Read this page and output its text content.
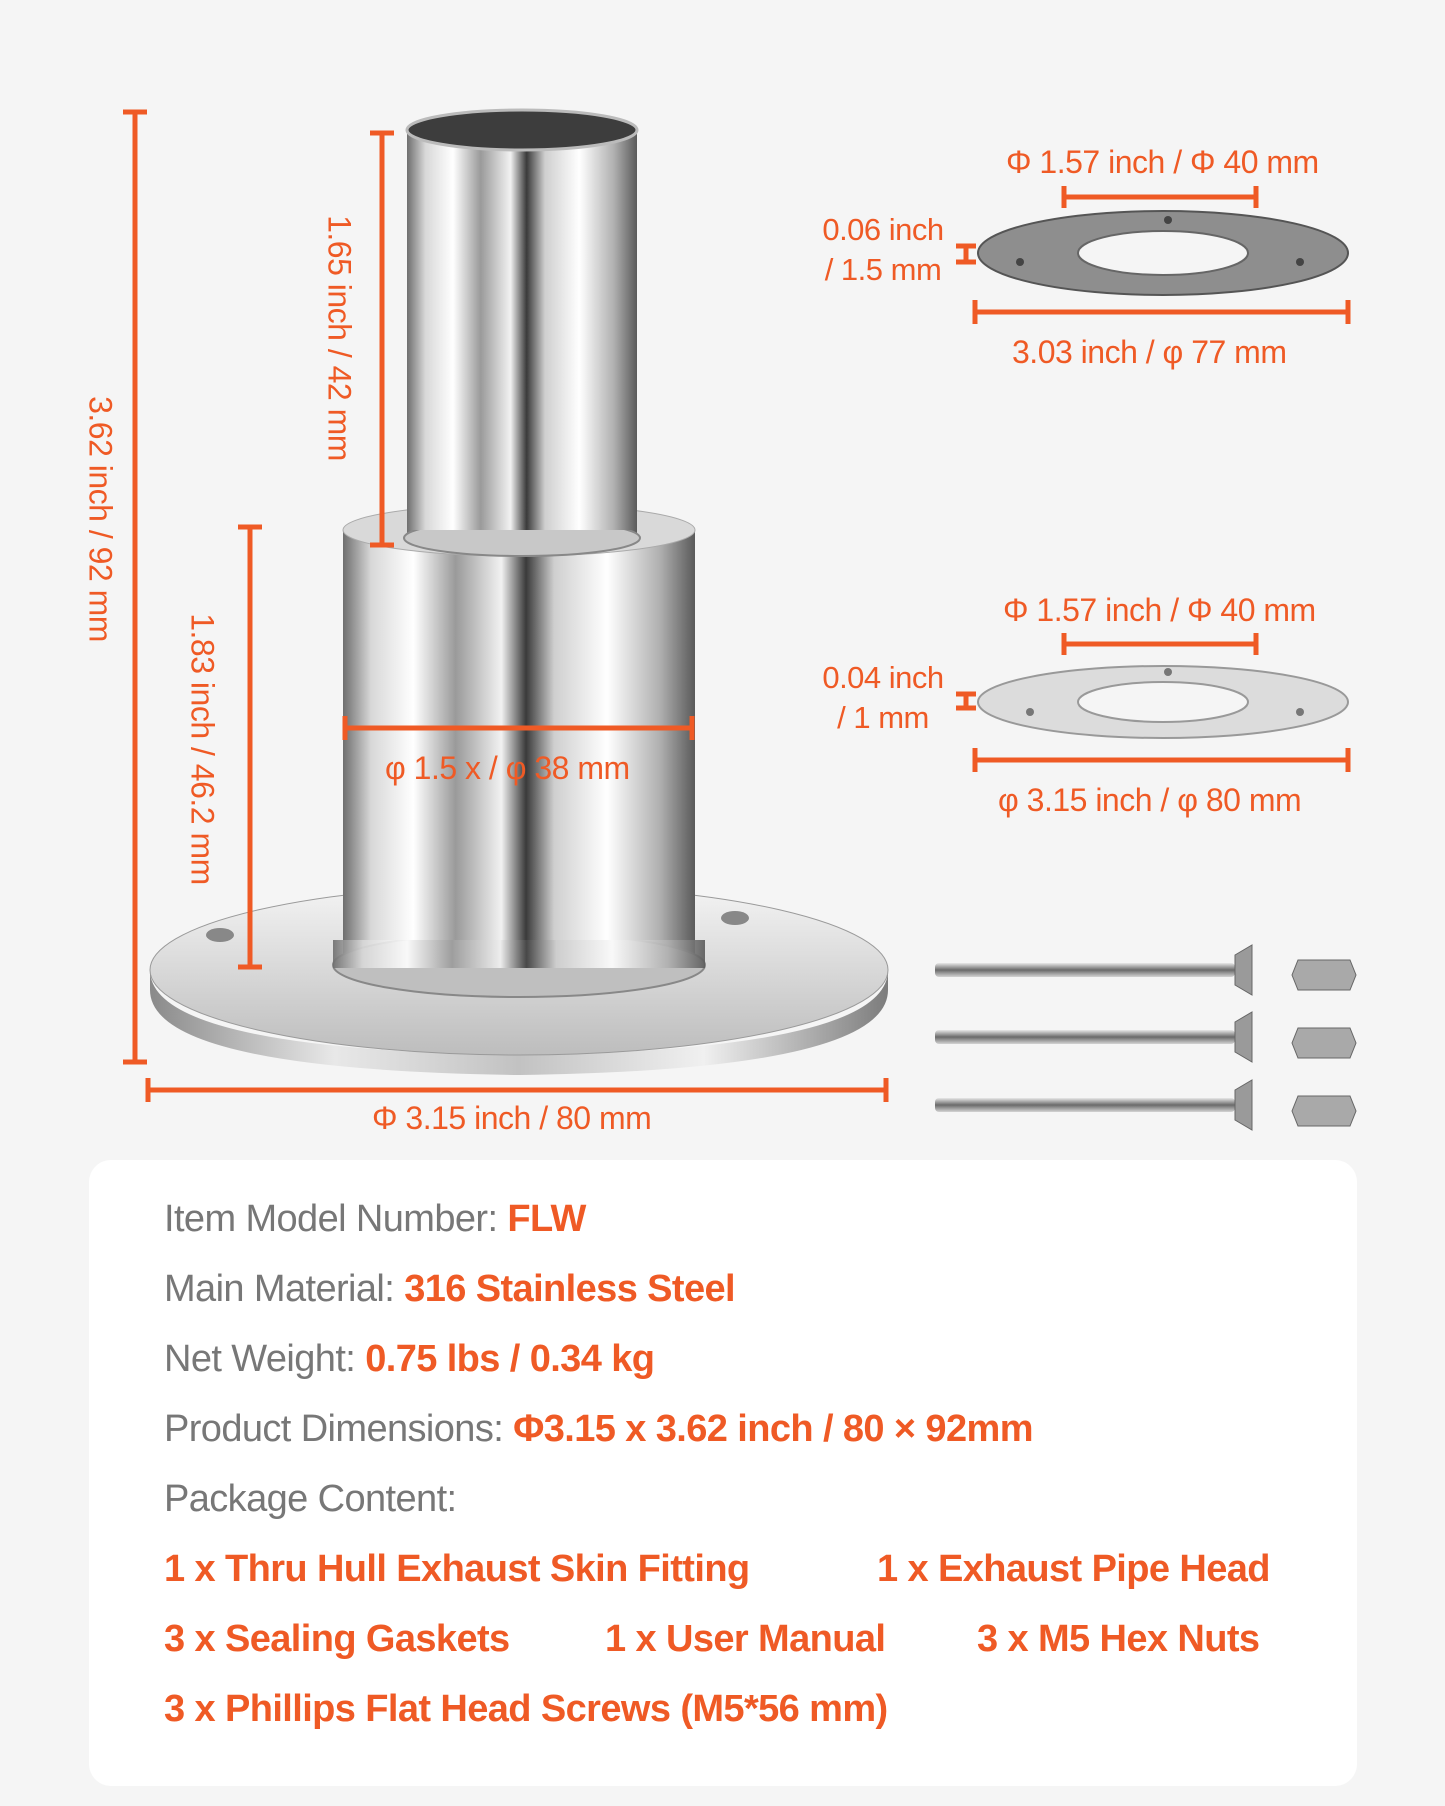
3.62 inch / 92 mm
1.65 inch / 42 mm
1.83 inch / 46.2 mm	φ 1.5 x / φ 38 mm
Φ 3.15 inch / 80 mm
Φ 1.57 inch / Φ 40 mm
0.06 inch
/ 1.5 mm
3.03 inch / φ 77 mm
Φ 1.57 inch / Φ 40 mm
0.04 inch
/ 1 mm
φ 3.15 inch / φ 80 mm
Item Model Number: FLW
Main Material: 316 Stainless Steel
Net Weight: 0.75 lbs / 0.34 kg
Product Dimensions: Φ3.15 x 3.62 inch / 80 × 92mm
Package Content:
1 x Thru Hull Exhaust Skin Fitting	1 x Exhaust Pipe Head
3 x Sealing Gaskets	1 x User Manual 3 x M5 Hex Nuts
3 x Phillips Flat Head Screws (M5*56 mm)
